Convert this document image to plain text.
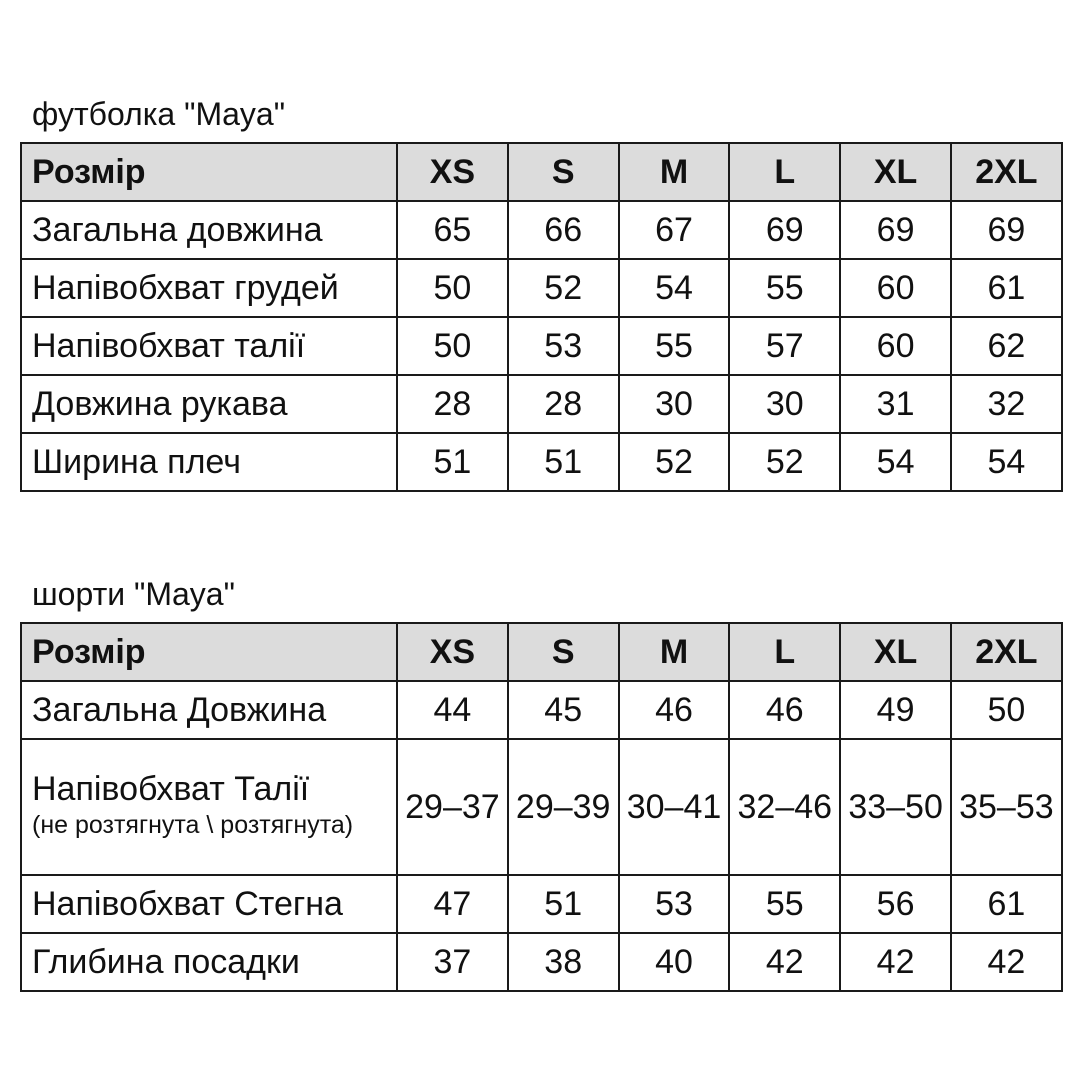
футболка "Maya"
Розмір	XS	S	M	L	XL	2XL
Загальна довжина	65	66	67	69	69	69
Напівобхват грудей	50	52	54	55	60	61
Напівобхват талії	50	53	55	57	60	62
Довжина рукава	28	28	30	30	31	32
Ширина плеч	51	51	52	52	54	54
шорти "Maya"
Розмір	XS	S	M	L	XL	2XL
Загальна Довжина	44	45	46	46	49	50

Напівобхват Талії
(не розтягнута \ розтягнута)	29–37	29–39	30–41	32–46	33–50	35–53
Напівобхват Стегна	47	51	53	55	56	61
Глибина посадки	37	38	40	42	42	42
